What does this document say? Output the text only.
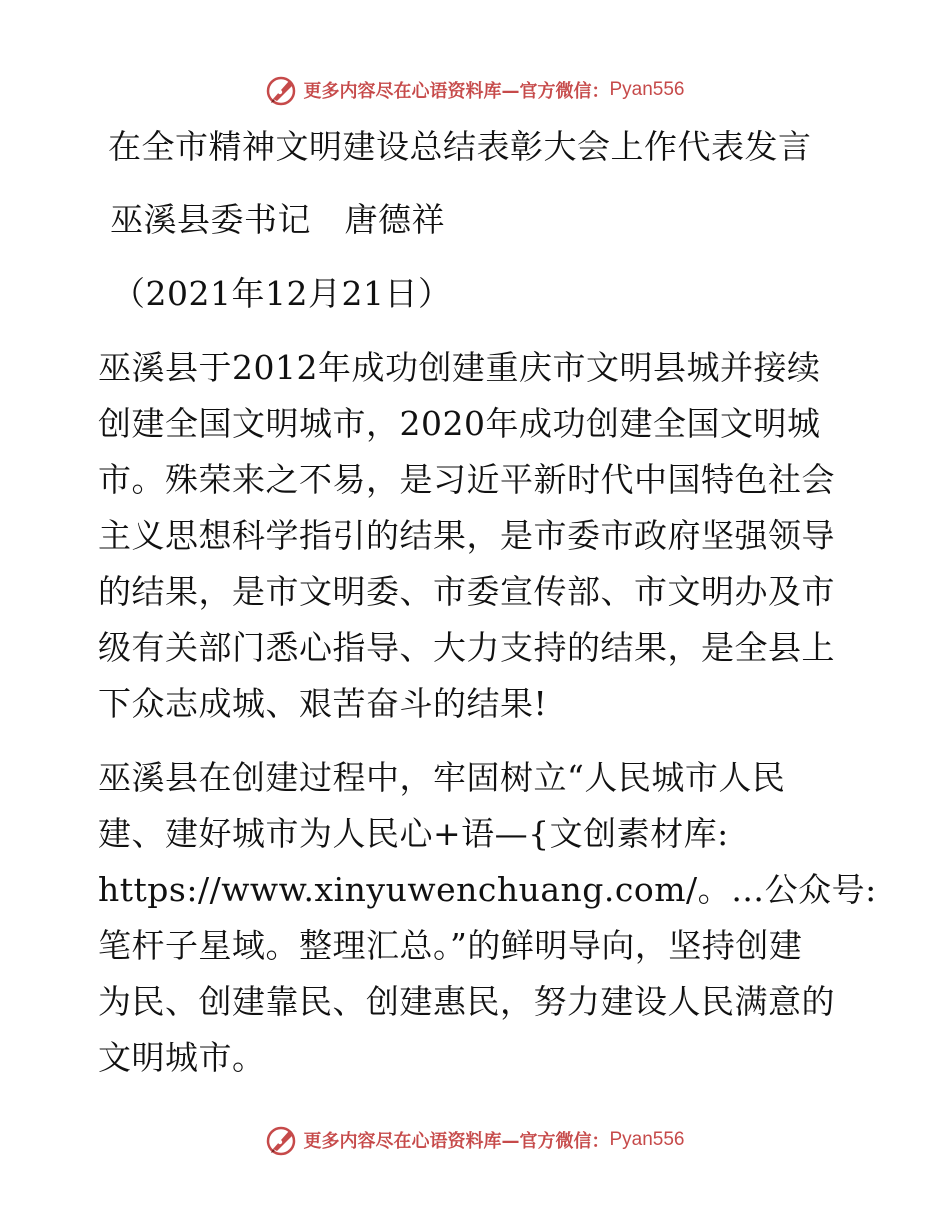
更多内容尽在心语资料库—官方微信： Pyan556
在全市精神文明建设总结表彰大会上作代表发言
巫溪县委书记　唐德祥
（2021年12月21日）
巫溪县于2012年成功创建重庆市文明县城并接续
创建全国文明城市，2020年成功创建全国文明城
市。殊荣来之不易，是习近平新时代中国特色社会
主义思想科学指引的结果，是市委市政府坚强领导
的结果，是市文明委、市委宣传部、市文明办及市
级有关部门悉心指导、大力支持的结果，是全县上
下众志成城、艰苦奋斗的结果!
巫溪县在创建过程中，牢固树立“人民城市人民
建、建好城市为人民心+语—{文创素材库:
https://www.xinyuwenchuang.com/。…公众号:
笔杆子星域。整理汇总。”的鲜明导向，坚持创建
为民、创建靠民、创建惠民，努力建设人民满意的
文明城市。
更多内容尽在心语资料库—官方微信： Pyan556
